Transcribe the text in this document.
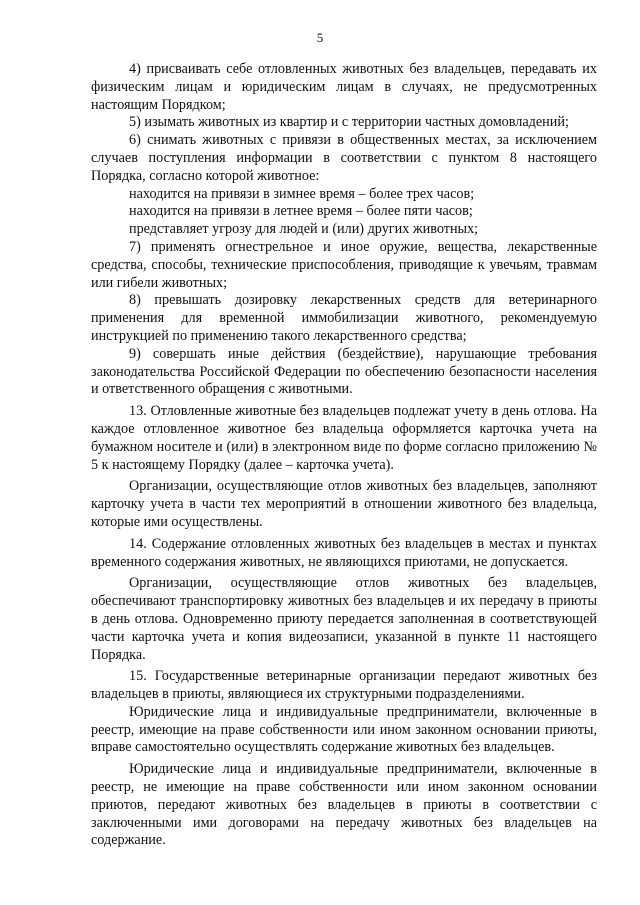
5

4) присваивать себе отловленных животных без владельцев, передавать их физическим лицам и юридическим лицам в случаях, не предусмотренных настоящим Порядком;

5) изымать животных из квартир и с территории частных домовладений;

6) снимать животных с привязи в общественных местах, за исключением случаев поступления информации в соответствии с пунктом 8 настоящего Порядка, согласно которой животное:

находится на привязи в зимнее время – более трех часов;

находится на привязи в летнее время – более пяти часов;

представляет угрозу для людей и (или) других животных;

7) применять огнестрельное и иное оружие, вещества, лекарственные средства, способы, технические приспособления, приводящие к увечьям, травмам или гибели животных;

8) превышать дозировку лекарственных средств для ветеринарного применения для временной иммобилизации животного, рекомендуемую инструкцией по применению такого лекарственного средства;

9) совершать иные действия (бездействие), нарушающие требования законодательства Российской Федерации по обеспечению безопасности населения и ответственного обращения с животными.

13. Отловленные животные без владельцев подлежат учету в день отлова. На каждое отловленное животное без владельца оформляется карточка учета на бумажном носителе и (или) в электронном виде по форме согласно приложению № 5 к настоящему Порядку (далее – карточка учета).

Организации, осуществляющие отлов животных без владельцев, заполняют карточку учета в части тех мероприятий в отношении животного без владельца, которые ими осуществлены.

14. Содержание отловленных животных без владельцев в местах и пунктах временного содержания животных, не являющихся приютами, не допускается.

Организации, осуществляющие отлов животных без владельцев, обеспечивают транспортировку животных без владельцев и их передачу в приюты в день отлова. Одновременно приюту передается заполненная в соответствующей части карточка учета и копия видеозаписи, указанной в пункте 11 настоящего Порядка.

15. Государственные ветеринарные организации передают животных без владельцев в приюты, являющиеся их структурными подразделениями.

Юридические лица и индивидуальные предприниматели, включенные в реестр, имеющие на праве собственности или ином законном основании приюты, вправе самостоятельно осуществлять содержание животных без владельцев.

Юридические лица и индивидуальные предприниматели, включенные в реестр, не имеющие на праве собственности или ином законном основании приютов, передают животных без владельцев в приюты в соответствии с заключенными ими договорами на передачу животных без владельцев на содержание.
